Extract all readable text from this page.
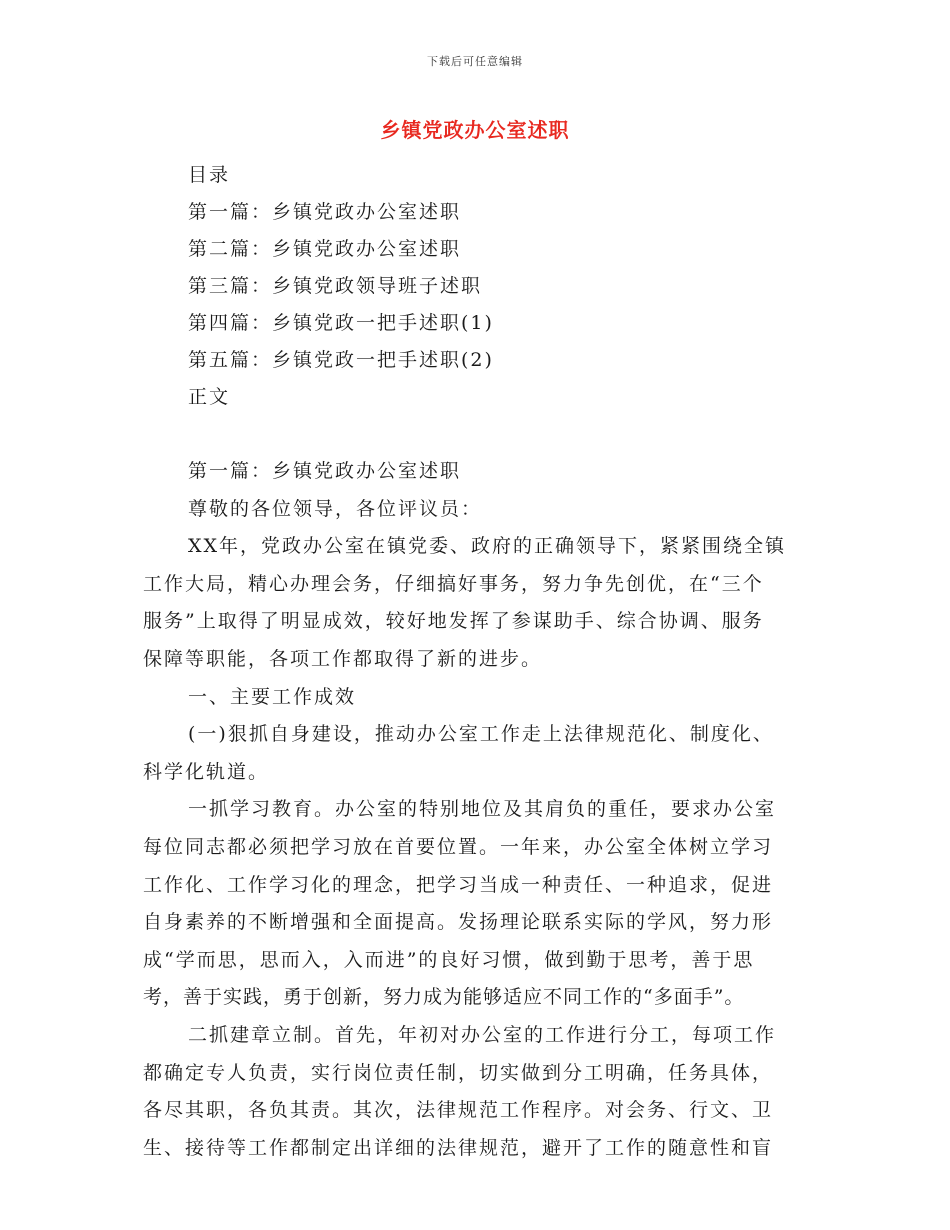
下载后可任意编辑
乡镇党政办公室述职
目录
第一篇：乡镇党政办公室述职
第二篇：乡镇党政办公室述职
第三篇：乡镇党政领导班子述职
第四篇：乡镇党政一把手述职(1)
第五篇：乡镇党政一把手述职(2)
正文
第一篇：乡镇党政办公室述职
尊敬的各位领导，各位评议员：
XX年，党政办公室在镇党委、政府的正确领导下，紧紧围绕全镇
工作大局，精心办理会务，仔细搞好事务，努力争先创优，在“三个
服务”上取得了明显成效，较好地发挥了参谋助手、综合协调、服务
保障等职能，各项工作都取得了新的进步。
一、主要工作成效
(一)狠抓自身建设，推动办公室工作走上法律规范化、制度化、
科学化轨道。
一抓学习教育。办公室的特别地位及其肩负的重任，要求办公室
每位同志都必须把学习放在首要位置。一年来，办公室全体树立学习
工作化、工作学习化的理念，把学习当成一种责任、一种追求，促进
自身素养的不断增强和全面提高。发扬理论联系实际的学风，努力形
成“学而思，思而入，入而进”的良好习惯，做到勤于思考，善于思
考，善于实践，勇于创新，努力成为能够适应不同工作的“多面手”。
二抓建章立制。首先，年初对办公室的工作进行分工，每项工作
都确定专人负责，实行岗位责任制，切实做到分工明确，任务具体，
各尽其职，各负其责。其次，法律规范工作程序。对会务、行文、卫
生、接待等工作都制定出详细的法律规范，避开了工作的随意性和盲
